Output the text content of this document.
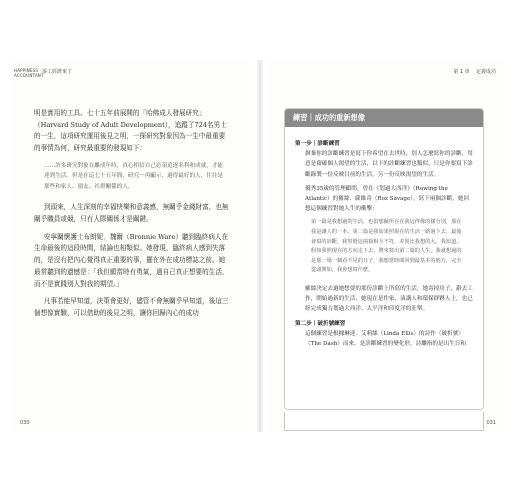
HAPPINESS
ACCOUNTANT
零工經濟來了

明是實用的工具。七十五年前展開的「哈佛成人發展研究」（Harvard Study of Adult Development），追蹤了724名男士的一生，這項研究運用後見之明，一探研究對象因為一生中最重要的事情為何，研究最重要的發現如下：

……許多研究對象在離成年時，真心相信自己必須追逐名利和成就，才能達到生活。但是在這七十五年間，研究一再顯示，過得最好的人，往往是那些和家人、朋友、社群關係的人。

到頭來，人生深刻的幸福快樂和意義感，無關乎金錢財富，也無關乎職員或競，只有人際關係才是關鍵。

安寧關懷護士布朗妮．魏爾（Bronnie Ware）聽到臨終病人在生命最後的這段時間，結論也相類似。她發現，臨終病人感到失落的，是沒有把內心覺得真正重要的事，擺在外在成功標誌之前。她最常聽到的遺憾是：「我但願當時有勇氣，過自己真正想要的生活，而不是實踐別人對我的期望。」

凡事若能早知道，決策會更好，儘管不會無關乎早知道，後這三個想像實驗，可以借助的後見之明，讓你回歸內心的成功

030
第 1 章 定義成功
練習｜成功的重新想像
第一步｜診斷練習
摒棄你的診斷練習是寫下你希望在去世時，別人怎麼寫你的診斷，用意是藉確個人渴望的生活，以下的診斷練習也類似，只是你要寫下診斷錄製一份反映目前的生活，另一份反映渴望的生活。
優秀35歲的管理顧問，曾在《划過大西洋》（Rowing the Atlantic）的羅絲．薩維奇（Roz Savage），寫下兩個診斷，她回想這個練習對她人生的衝擊：
第一篇是我想過的生活，也很想擬所存在我這得像的樣分別，那在我是讓人的一本。第二篇是我如果照現在的生活一路過下去，最後會寫的診斷，我察覺這兩篇相互不符，差異比我想的大。我知道，假如我照現在的方向走下去，將來寫出第二篇的人生，我就想過的是那一場一個看不見的日子，我想當時間回到最基本的地方，完全從頭開始，我會想寫什麼。
羅絲決定去過她想要的那份診斷上所寫的生活，她寄掉房子，辭去工作，開始過新的生活，她現在是作家、演講人和環保群夥人士，也已經完成獨力划過大西洋、太平洋和印度洋的壯舉。
第二步｜破折號練習
這個練習是根據琳達．艾莉絲（Linda Ellis）的詩作〈破折號〉（The Dash）而來，是診斷練習的變化形，詩繼指的是出生日和
031
